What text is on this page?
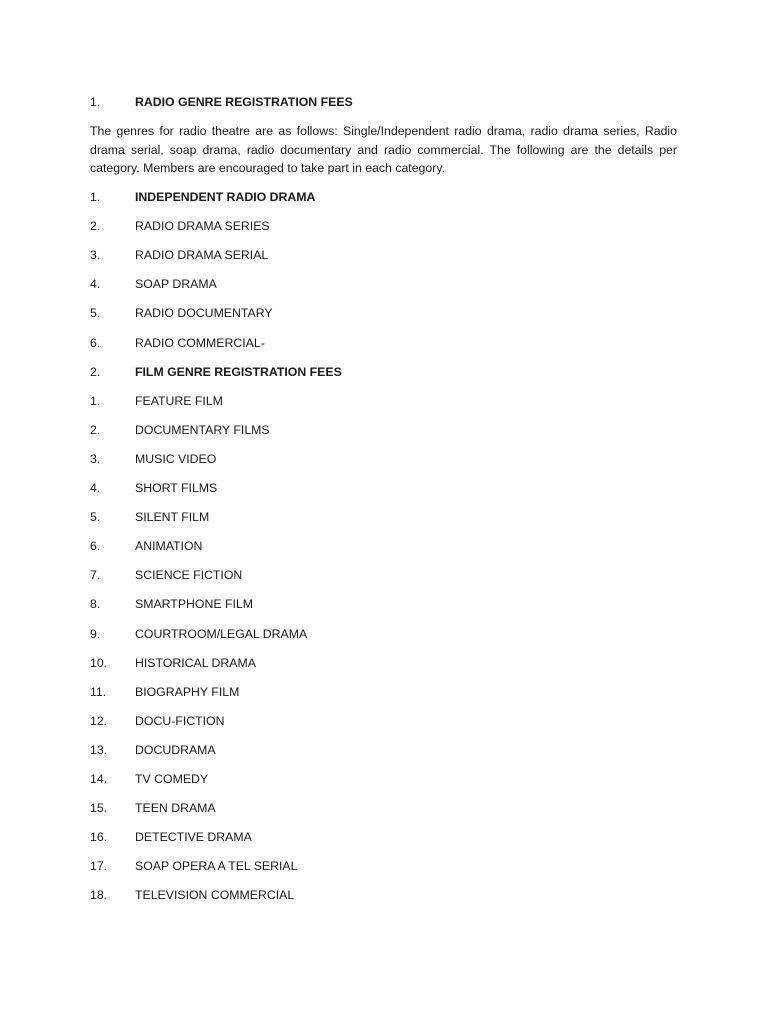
1.	RADIO GENRE REGISTRATION FEES
The genres for radio theatre are as follows: Single/Independent radio drama, radio drama series, Radio drama serial, soap drama, radio documentary and radio commercial. The following are the details per category. Members are encouraged to take part in each category.
1.	INDEPENDENT RADIO DRAMA
2.	RADIO DRAMA SERIES
3.	RADIO DRAMA SERIAL
4.	SOAP DRAMA
5.	RADIO DOCUMENTARY
6.	RADIO COMMERCIAL-
2.	FILM GENRE REGISTRATION FEES
1.	FEATURE FILM
2.	DOCUMENTARY FILMS
3.	MUSIC VIDEO
4.	SHORT FILMS
5.	SILENT FILM
6.	ANIMATION
7.	SCIENCE FICTION
8.	SMARTPHONE FILM
9.	COURTROOM/LEGAL DRAMA
10. HISTORICAL DRAMA
11. BIOGRAPHY FILM
12. DOCU-FICTION
13. DOCUDRAMA
14. TV COMEDY
15. TEEN DRAMA
16. DETECTIVE DRAMA
17. SOAP OPERA A TEL SERIAL
18. TELEVISION COMMERCIAL
